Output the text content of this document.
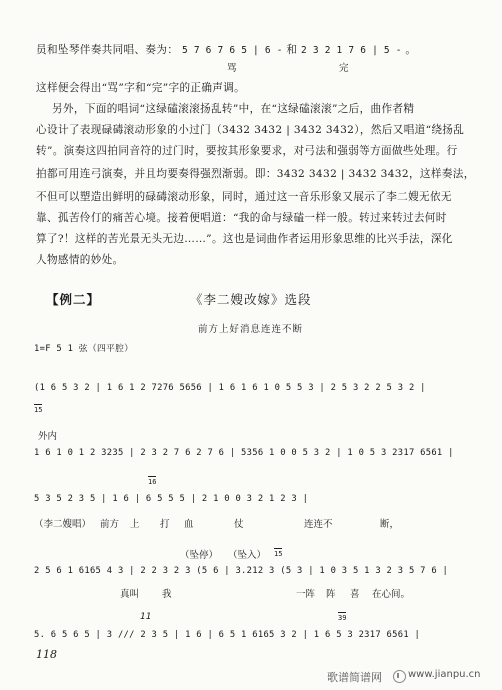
员和坠琴伴奏共同唱、奏为： 5 7 6 7 6 5 | 6 - 和 2 3 2 1 7 6 | 5 - 。
骂	完
这样便会得出“骂”字和“完”字的正确声调。
另外，下面的唱词“这绿磕滚滚扬乱转”中，在“这绿磕滚滚”之后，曲作者精
心设计了表现碌碡滚动形象的小过门（3432 3432 | 3432 3432），然后又唱道“绕扬乱
转”。演奏这四拍同音符的过门时，要按其形象要求，对弓法和强弱等方面做些处理。行
拍都可用连弓演奏，并且均要奏得强烈渐弱。即：3432 3432 | 3432 3432，这样奏法，
不但可以塑造出鲜明的碌碡滚动形象，同时，通过这一音乐形象又展示了李二嫂无依无
靠、孤苦伶仃的痛苦心境。接着便唱道：“我的命与绿磕一样一般。转过来转过去何时
算了?！这样的苦光景无头无边……”。这也是词曲作者运用形象思维的比兴手法，深化
人物感情的妙处。
【例二】	《李二嫂改嫁》选段
前方上好消息连连不断
1=F 5 1 弦（四平腔）
(1 6 5 3 2 | 1 6 1 2 7276 5656 | 1 6 1 6 1 0 5 5 3 | 2 5 3 2 2 5 3 2 |
15
外内
1 6 1 0 1 2 3235 | 2 3 2 7 6 2 7 6 | 5356 1 0 0 5 3 2 | 1 0 5 3 2317 6561 |
16
5 3 5 2 3 5 | 1 6 | 6 5 5 5 | 2 1 0 0 3 2 1 2 3 |
（李二嫂唱） 前方 上 打 血	仗	连连不	断，
（坠停） （坠入） 15
2 5 6 1 6165 4 3 | 2 2 3 2 3 (5 6 | 3.212 3 (5 3 | 1 0 3 5 1 3 2 3 5 7 6 |
真叫 我	一阵 阵 喜 在心间。
11	39
5. 6 5 6 5 | 3 /// 2 3 5 | 1 6 | 6 5 1 6165 3 2 | 1 6 5 3 2317 6561 |
118
歌谱简谱网	www.jianpu.cn
